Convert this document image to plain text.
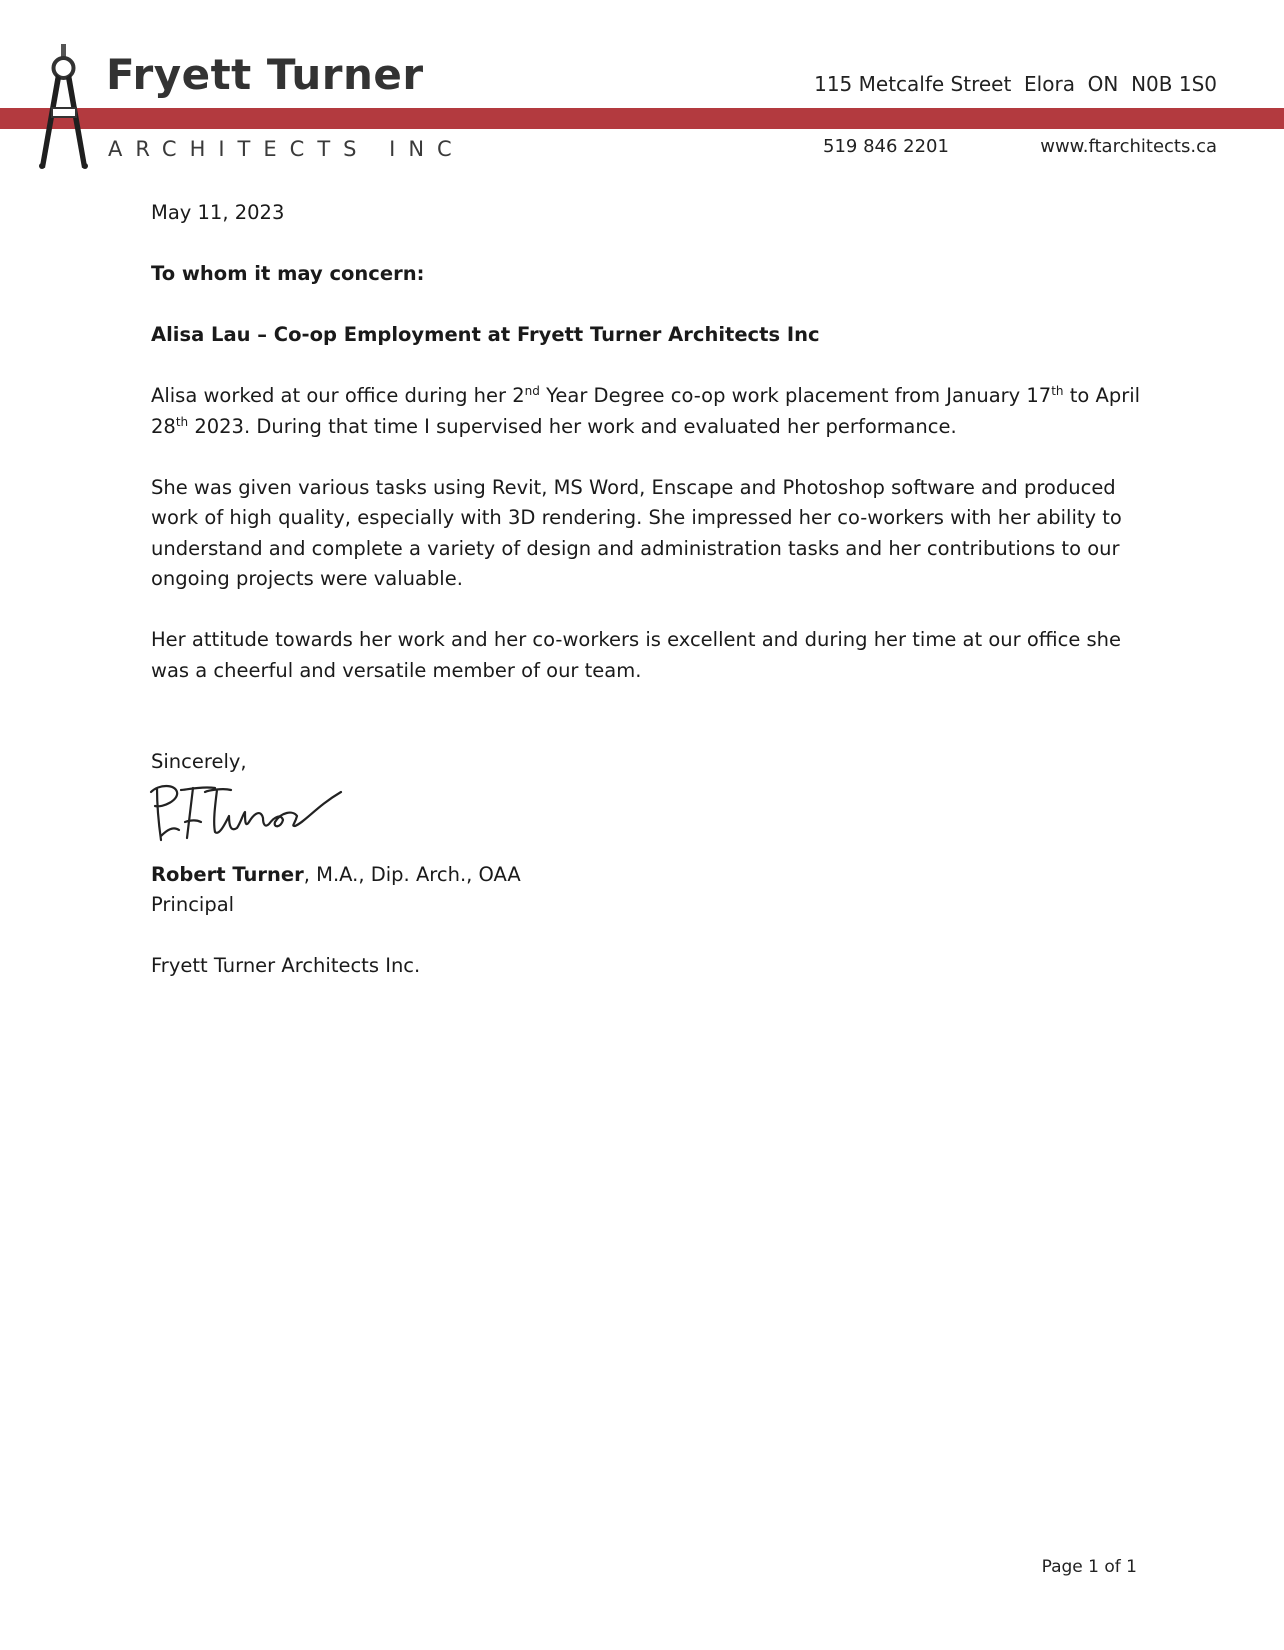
Fryett Turner
ARCHITECTS INC
115 Metcalfe Street  Elora  ON  N0B 1S0
519 846 2201	www.ftarchitects.ca

May 11, 2023

To whom it may concern:

Alisa Lau – Co-op Employment at Fryett Turner Architects Inc

Alisa worked at our office during her 2nd Year Degree co-op work placement from January 17th to April 28th 2023. During that time I supervised her work and evaluated her performance.

She was given various tasks using Revit, MS Word, Enscape and Photoshop software and produced work of high quality, especially with 3D rendering. She impressed her co-workers with her ability to understand and complete a variety of design and administration tasks and her contributions to our ongoing projects were valuable.

Her attitude towards her work and her co-workers is excellent and during her time at our office she was a cheerful and versatile member of our team.

Sincerely,

Robert Turner, M.A., Dip. Arch., OAA

Principal

Fryett Turner Architects Inc.

Page 1 of 1
